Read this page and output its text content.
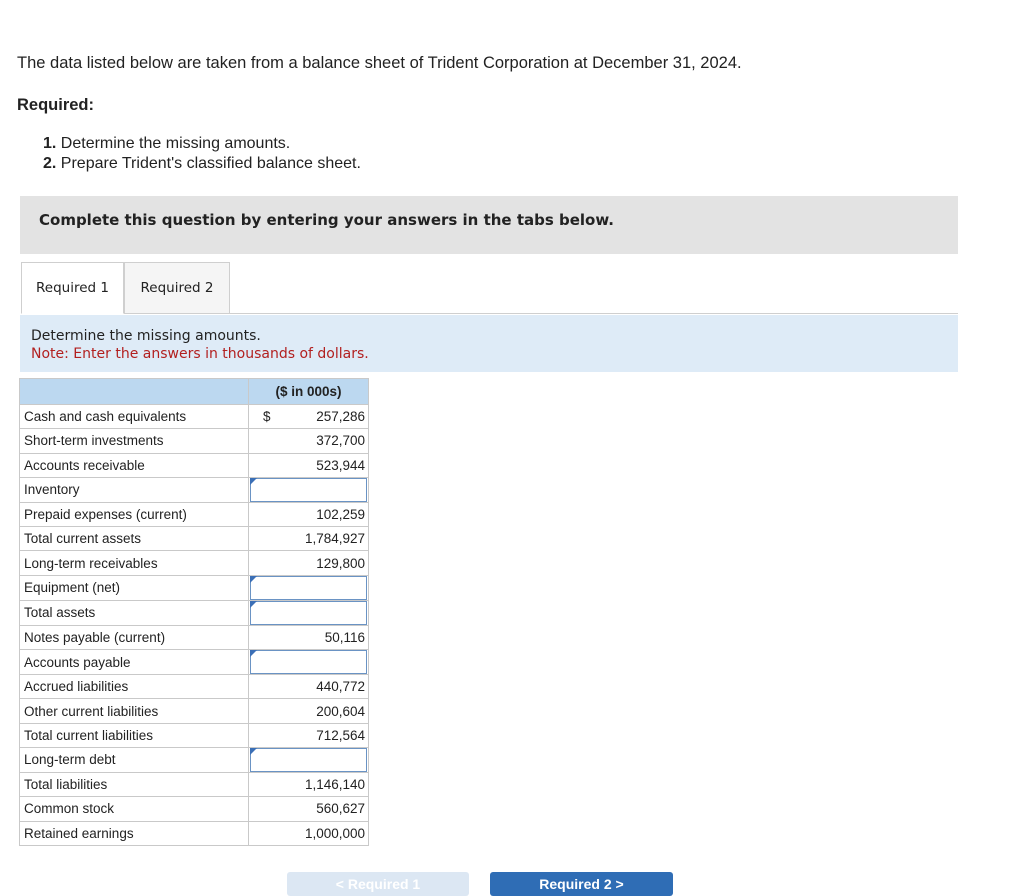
The data listed below are taken from a balance sheet of Trident Corporation at December 31, 2024.
Required:
1. Determine the missing amounts.
2. Prepare Trident's classified balance sheet.
Complete this question by entering your answers in the tabs below.
Required 1	Required 2
Determine the missing amounts.
Note: Enter the answers in thousands of dollars.
	($ in 000s)	
Cash and cash equivalents	$	257,286
Short-term investments		372,700
Accounts receivable		523,944
Inventory		

Prepaid expenses (current)		102,259
Total current assets		1,784,927
Long-term receivables		129,800
Equipment (net)		

Total assets		

Notes payable (current)		50,116
Accounts payable		

Accrued liabilities		440,772
Other current liabilities		200,604
Total current liabilities		712,564
Long-term debt		

Total liabilities		1,146,140
Common stock		560,627
Retained earnings		1,000,000
< Required 1	Required 2 >
